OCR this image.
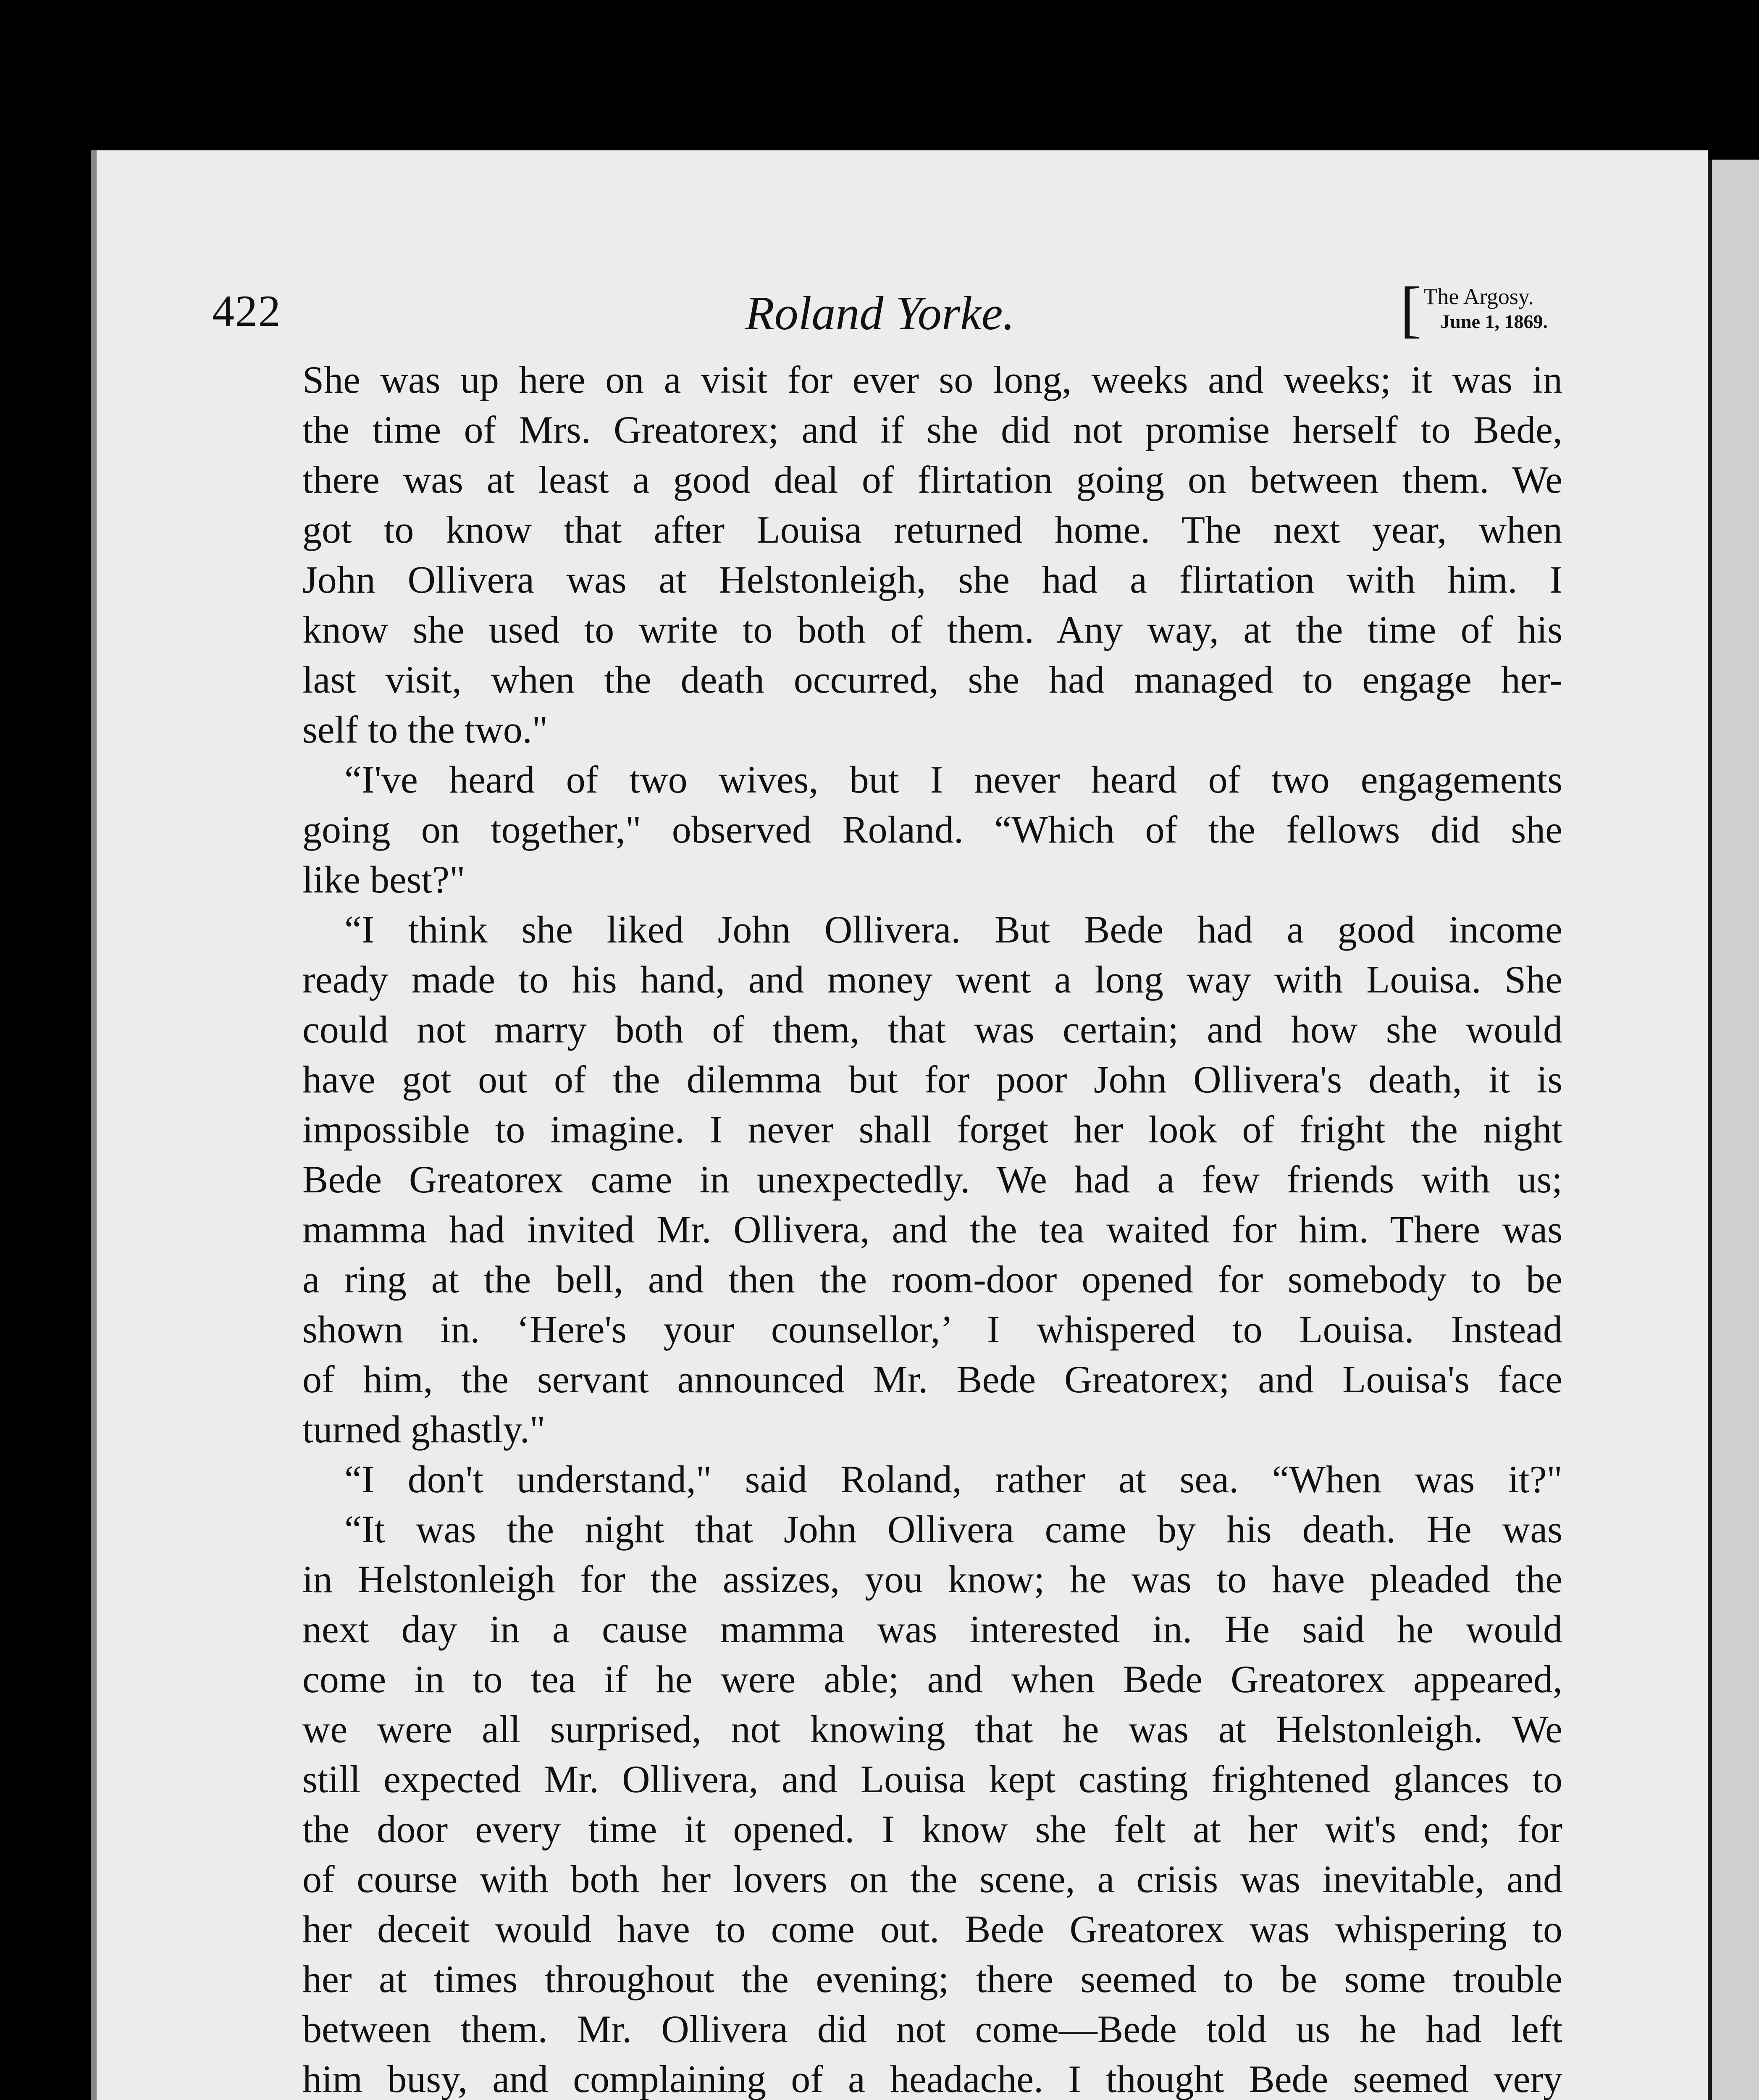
422	Roland Yorke.	[ The Argosy.
June 1, 1869.
She was up here on a visit for ever so long, weeks and weeks; it was in
the time of Mrs. Greatorex; and if she did not promise herself to Bede,
there was at least a good deal of flirtation going on between them. We
got to know that after Louisa returned home. The next year, when
John Ollivera was at Helstonleigh, she had a flirtation with him. I
know she used to write to both of them. Any way, at the time of his
last visit, when the death occurred, she had managed to engage her-
self to the two."
“I've heard of two wives, but I never heard of two engagements
going on together," observed Roland. “Which of the fellows did she
like best?"
“I think she liked John Ollivera. But Bede had a good income
ready made to his hand, and money went a long way with Louisa. She
could not marry both of them, that was certain; and how she would
have got out of the dilemma but for poor John Ollivera's death, it is
impossible to imagine. I never shall forget her look of fright the night
Bede Greatorex came in unexpectedly. We had a few friends with us;
mamma had invited Mr. Ollivera, and the tea waited for him. There was
a ring at the bell, and then the room-door opened for somebody to be
shown in. ‘Here's your counsellor,’ I whispered to Louisa. Instead
of him, the servant announced Mr. Bede Greatorex; and Louisa's face
turned ghastly."
“I don't understand," said Roland, rather at sea. “When was it?"
“It was the night that John Ollivera came by his death. He was
in Helstonleigh for the assizes, you know; he was to have pleaded the
next day in a cause mamma was interested in. He said he would
come in to tea if he were able; and when Bede Greatorex appeared,
we were all surprised, not knowing that he was at Helstonleigh. We
still expected Mr. Ollivera, and Louisa kept casting frightened glances to
the door every time it opened. I know she felt at her wit's end; for
of course with both her lovers on the scene, a crisis was inevitable, and
her deceit would have to come out. Bede Greatorex was whispering to
her at times throughout the evening; there seemed to be some trouble
between them. Mr. Ollivera did not come—Bede told us he had left
him busy, and complaining of a headache. I thought Bede seemed very
